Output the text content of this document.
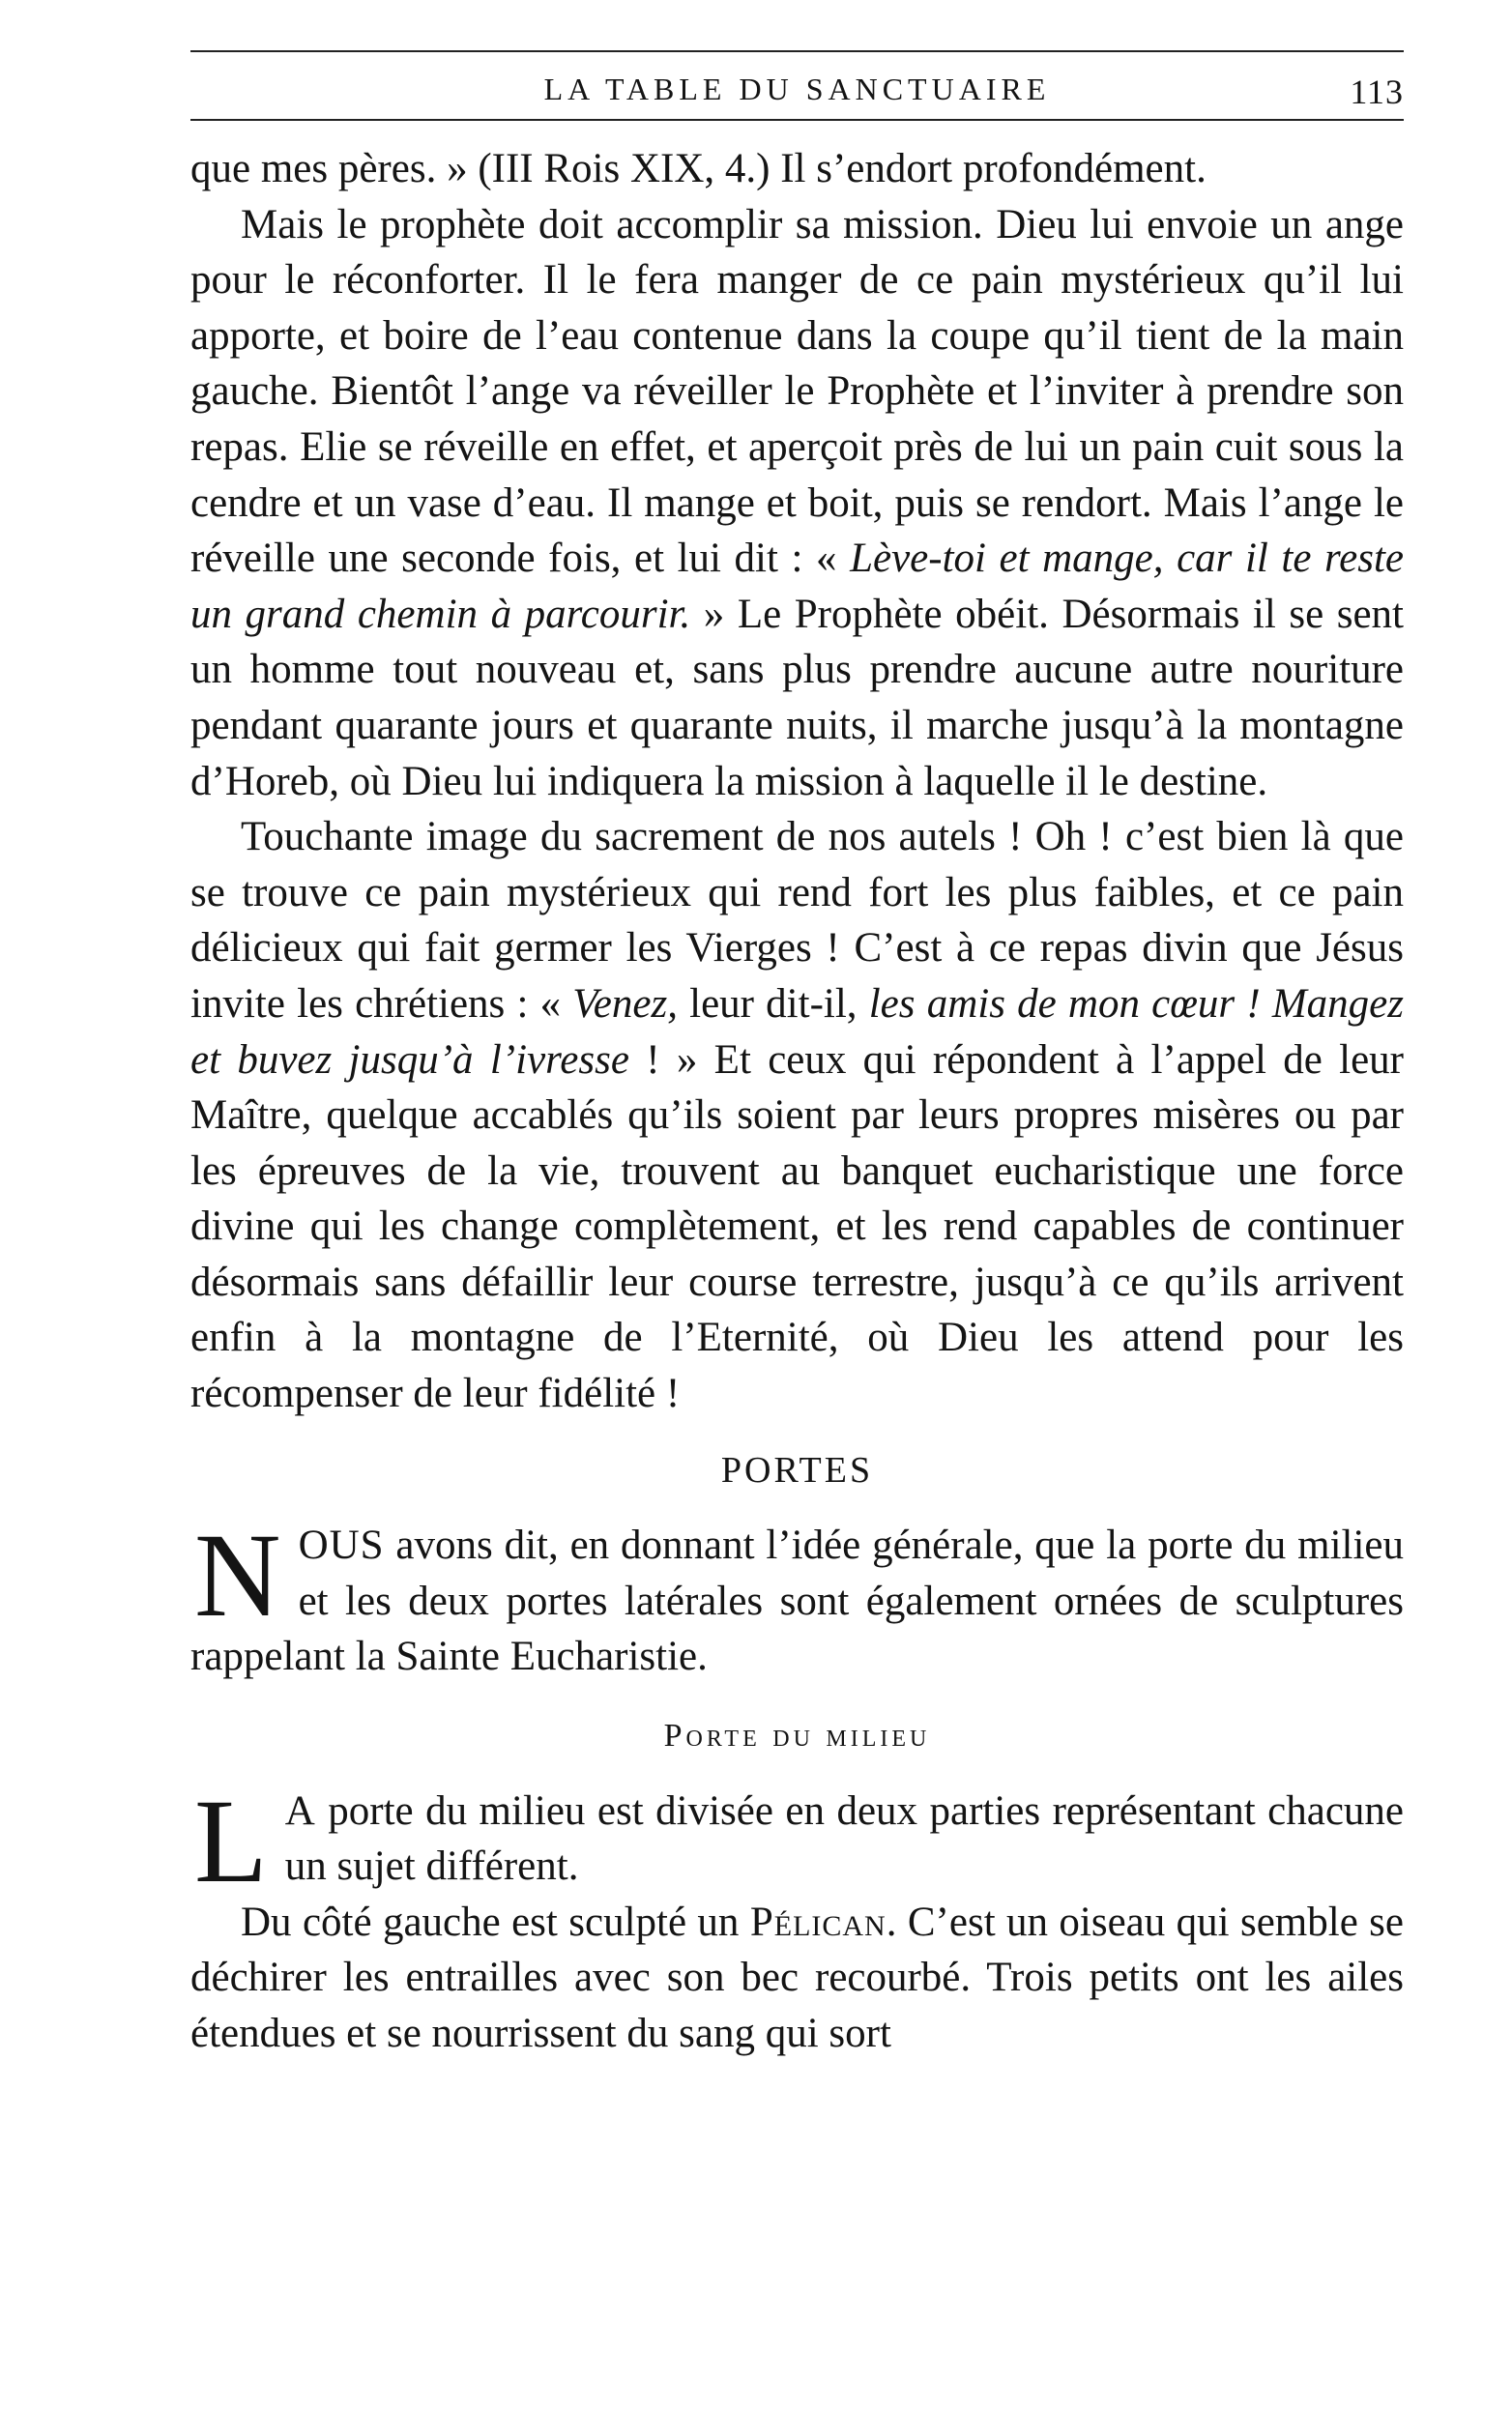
LA TABLE DU SANCTUAIRE	113

que mes pères. » (III Rois XIX, 4.) Il s’endort profondément.

Mais le prophète doit accomplir sa mission. Dieu lui envoie un ange pour le réconforter. Il le fera manger de ce pain mystérieux qu’il lui apporte, et boire de l’eau contenue dans la coupe qu’il tient de la main gauche. Bientôt l’ange va réveiller le Prophète et l’inviter à prendre son repas. Elie se réveille en effet, et aperçoit près de lui un pain cuit sous la cendre et un vase d’eau. Il mange et boit, puis se rendort. Mais l’ange le réveille une seconde fois, et lui dit : « Lève-toi et mange, car il te reste un grand chemin à parcourir. » Le Prophète obéit. Désormais il se sent un homme tout nouveau et, sans plus prendre aucune autre nouriture pendant quarante jours et quarante nuits, il marche jusqu’à la montagne d’Horeb, où Dieu lui indiquera la mission à laquelle il le destine.

Touchante image du sacrement de nos autels ! Oh ! c’est bien là que se trouve ce pain mystérieux qui rend fort les plus faibles, et ce pain délicieux qui fait germer les Vierges ! C’est à ce repas divin que Jésus invite les chrétiens : « Venez, leur dit-il, les amis de mon cœur ! Mangez et buvez jusqu’à l’ivresse ! » Et ceux qui répondent à l’appel de leur Maître, quelque accablés qu’ils soient par leurs propres misères ou par les épreuves de la vie, trouvent au banquet eucharistique une force divine qui les change complètement, et les rend capables de continuer désormais sans défaillir leur course terrestre, jusqu’à ce qu’ils arrivent enfin à la montagne de l’Eternité, où Dieu les attend pour les récompenser de leur fidélité !

PORTES

NOUS avons dit, en donnant l’idée générale, que la porte du milieu et les deux portes latérales sont également ornées de sculptures rappelant la Sainte Eucharistie.

Porte du milieu

L A porte du milieu est divisée en deux parties représentant chacune un sujet différent.

Du côté gauche est sculpté un Pélican. C’est un oiseau qui semble se déchirer les entrailles avec son bec recourbé. Trois petits ont les ailes étendues et se nourrissent du sang qui sort
